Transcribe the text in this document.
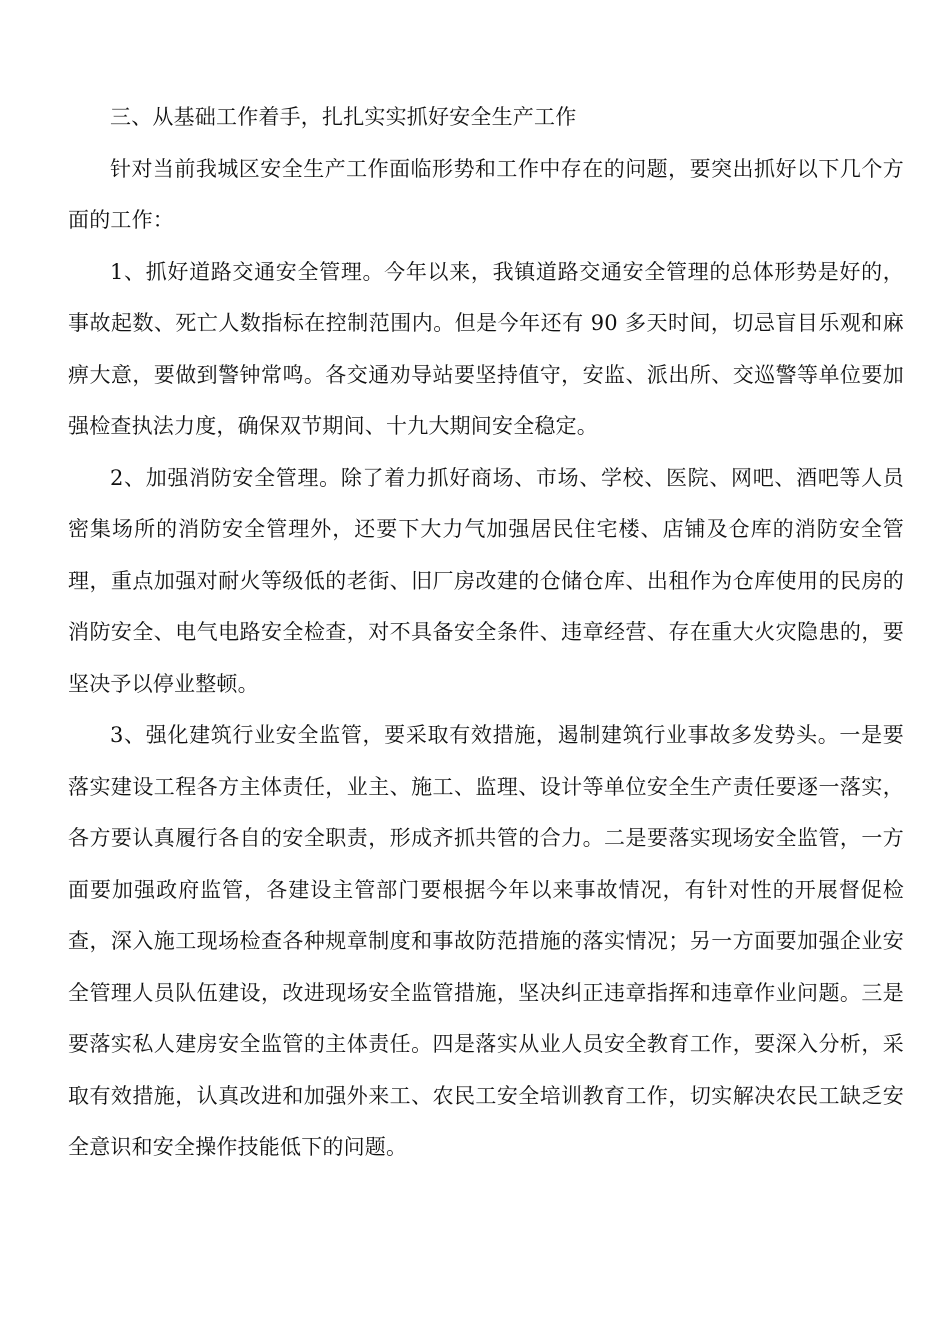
三、从基础工作着手，扎扎实实抓好安全生产工作

针对当前我城区安全生产工作面临形势和工作中存在的问题，要突出抓好以下几个方面的工作：

1、抓好道路交通安全管理。今年以来，我镇道路交通安全管理的总体形势是好的，事故起数、死亡人数指标在控制范围内。但是今年还有 90 多天时间，切忌盲目乐观和麻痹大意，要做到警钟常鸣。各交通劝导站要坚持值守，安监、派出所、交巡警等单位要加强检查执法力度，确保双节期间、十九大期间安全稳定。

2、加强消防安全管理。除了着力抓好商场、市场、学校、医院、网吧、酒吧等人员密集场所的消防安全管理外，还要下大力气加强居民住宅楼、店铺及仓库的消防安全管理，重点加强对耐火等级低的老街、旧厂房改建的仓储仓库、出租作为仓库使用的民房的消防安全、电气电路安全检查，对不具备安全条件、违章经营、存在重大火灾隐患的，要坚决予以停业整顿。

3、强化建筑行业安全监管，要采取有效措施，遏制建筑行业事故多发势头。一是要落实建设工程各方主体责任，业主、施工、监理、设计等单位安全生产责任要逐一落实，各方要认真履行各自的安全职责，形成齐抓共管的合力。二是要落实现场安全监管，一方面要加强政府监管，各建设主管部门要根据今年以来事故情况，有针对性的开展督促检查，深入施工现场检查各种规章制度和事故防范措施的落实情况；另一方面要加强企业安全管理人员队伍建设，改进现场安全监管措施，坚决纠正违章指挥和违章作业问题。三是要落实私人建房安全监管的主体责任。四是落实从业人员安全教育工作，要深入分析，采取有效措施，认真改进和加强外来工、农民工安全培训教育工作，切实解决农民工缺乏安全意识和安全操作技能低下的问题。
